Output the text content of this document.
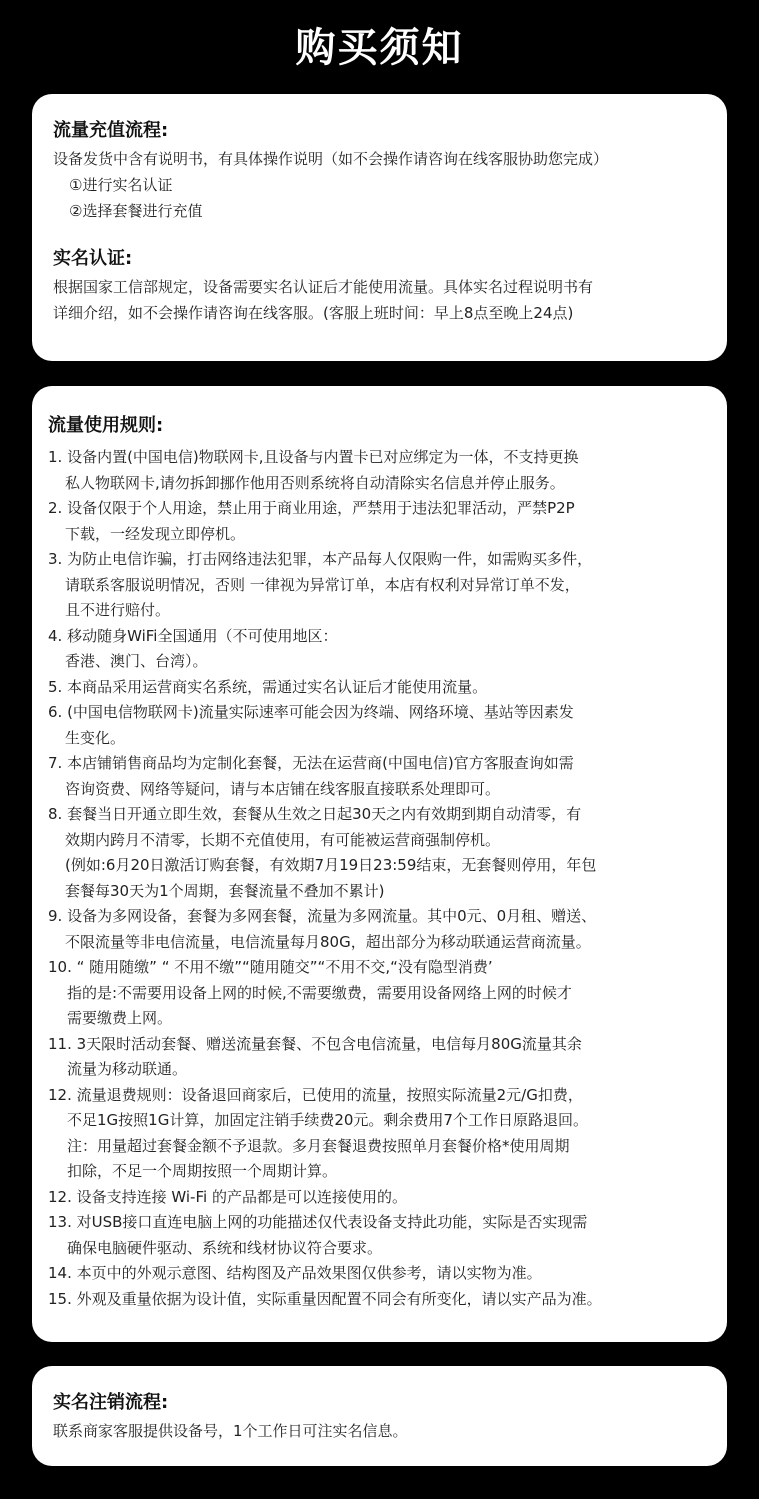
购买须知
流量充值流程:
设备发货中含有说明书，有具体操作说明（如不会操作请咨询在线客服协助您完成）
①进行实名认证
②选择套餐进行充值
实名认证:
根据国家工信部规定，设备需要实名认证后才能使用流量。具体实名过程说明书有
详细介绍，如不会操作请咨询在线客服。(客服上班时间：早上8点至晚上24点)
流量使用规则:
1. 设备内置(中国电信)物联网卡,且设备与内置卡已对应绑定为一体，不支持更换
私人物联网卡,请勿拆卸挪作他用否则系统将自动清除实名信息并停止服务。
2. 设备仅限于个人用途，禁止用于商业用途，严禁用于违法犯罪活动，严禁P2P
下载，一经发现立即停机。
3. 为防止电信诈骗，打击网络违法犯罪，本产品每人仅限购一件，如需购买多件，
请联系客服说明情况，否则 一律视为异常订单，本店有权利对异常订单不发，
且不进行赔付。
4. 移动随身WiFi全国通用（不可使用地区：
香港、澳门、台湾）。
5. 本商品采用运营商实名系统，需通过实名认证后才能使用流量。
6. (中国电信物联网卡)流量实际速率可能会因为终端、网络环境、基站等因素发
生变化。
7. 本店铺销售商品均为定制化套餐，无法在运营商(中国电信)官方客服查询如需
咨询资费、网络等疑问，请与本店铺在线客服直接联系处理即可。
8. 套餐当日开通立即生效，套餐从生效之日起30天之内有效期到期自动清零，有
效期内跨月不清零，长期不充值使用，有可能被运营商强制停机。
(例如:6月20日激活订购套餐，有效期7月19日23:59结束，无套餐则停用，年包
套餐每30天为1个周期，套餐流量不叠加不累计)
9. 设备为多网设备，套餐为多网套餐，流量为多网流量。其中0元、0月租、赠送、
不限流量等非电信流量，电信流量每月80G，超出部分为移动联通运营商流量。
10. “ 随用随缴” “ 不用不缴”“随用随交”“不用不交,“没有隐型消费’
指的是:不需要用设备上网的时候,不需要缴费，需要用设备网络上网的时候才
需要缴费上网。
11. 3天限时活动套餐、赠送流量套餐、不包含电信流量，电信每月80G流量其余
流量为移动联通。
12. 流量退费规则：设备退回商家后，已使用的流量，按照实际流量2元/G扣费，
不足1G按照1G计算，加固定注销手续费20元。剩余费用7个工作日原路退回。
注：用量超过套餐金额不予退款。多月套餐退费按照单月套餐价格*使用周期
扣除，不足一个周期按照一个周期计算。
12. 设备支持连接 Wi-Fi 的产品都是可以连接使用的。
13. 对USB接口直连电脑上网的功能描述仅代表设备支持此功能，实际是否实现需
确保电脑硬件驱动、系统和线材协议符合要求。
14. 本页中的外观示意图、结构图及产品效果图仅供参考，请以实物为准。
15. 外观及重量依据为设计值，实际重量因配置不同会有所变化，请以实产品为准。
实名注销流程:
联系商家客服提供设备号，1个工作日可注实名信息。
